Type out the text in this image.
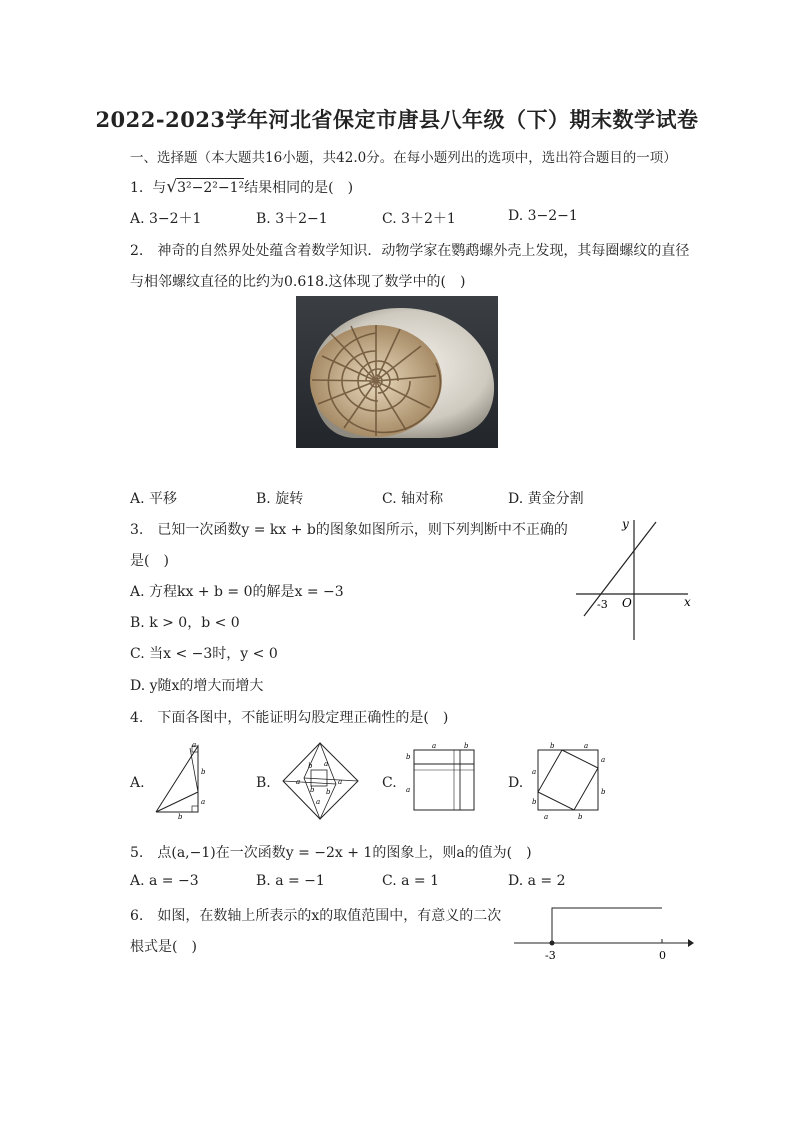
2022-2023学年河北省保定市唐县八年级（下）期末数学试卷
一、选择题（本大题共16小题，共42.0分。在每小题列出的选项中，选出符合题目的一项）
1. 与√3²−2²−1²结果相同的是(　)
A. 3−2＋1	B. 3＋2−1	C. 3＋2＋1	D. 3−2−1
2.　神奇的自然界处处蕴含着数学知识．动物学家在鹦鹉螺外壳上发现，其每圈螺纹的直径
与相邻螺纹直径的比约为0.618.这体现了数学中的(　)
A. 平移	B. 旋转	C. 轴对称	D. 黄金分割
3.　已知一次函数y = kx + b的图象如图所示，则下列判断中不正确的
是(　)
A. 方程kx + b = 0的解是x = −3
B. k > 0，b < 0
C. 当x < −3时，y < 0
D. y随x的增大而增大
y
x
O
-3
4.　下面各图中，不能证明勾股定理正确性的是(　)
A.
a
b
a
b
B.
b a
a	a
b b
a
C.
a	b
b
a	D.
b	a
a
b
a
b
a	b
5.　点(a,−1)在一次函数y = −2x + 1的图象上，则a的值为(　)
A. a = −3	B. a = −1	C. a = 1	D. a = 2
6.　如图，在数轴上所表示的x的取值范围中，有意义的二次
根式是(　)
-3	0
